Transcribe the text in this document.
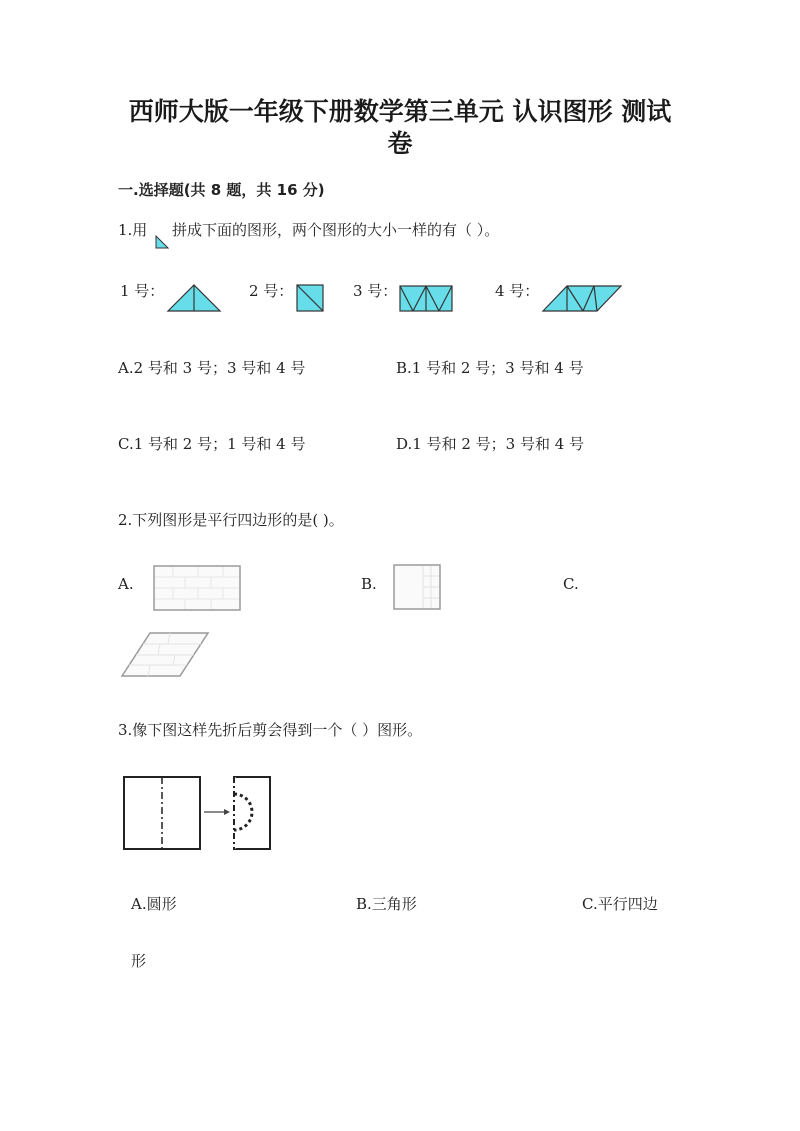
西师大版一年级下册数学第三单元 认识图形 测试
卷
一.选择题(共 8 题，共 16 分)
1.用 拼成下面的图形，两个图形的大小一样的有（ ）。
1 号：	2 号：	3 号：	4 号：
A.2 号和 3 号；3 号和 4 号	B.1 号和 2 号；3 号和 4 号
C.1 号和 2 号；1 号和 4 号	D.1 号和 2 号；3 号和 4 号
2.下列图形是平行四边形的是( )。
A.	B.	C.
3.像下图这样先折后剪会得到一个（ ）图形。
A.圆形	B.三角形	C.平行四边
形
